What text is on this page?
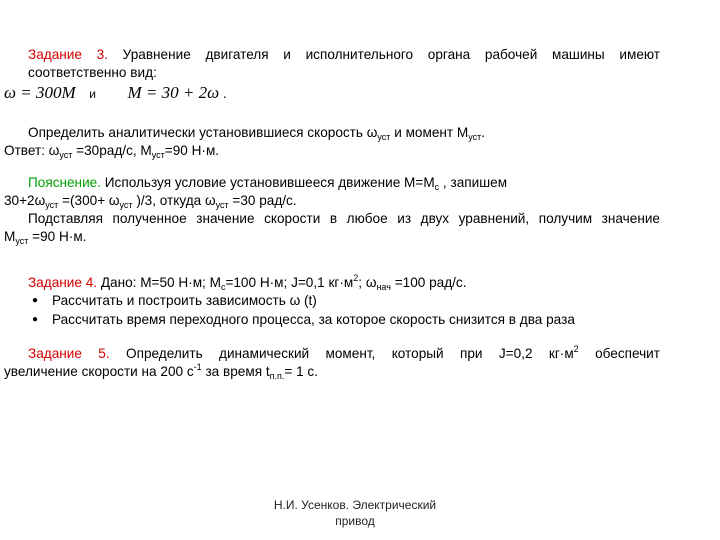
Задание 3. Уравнение двигателя и исполнительного органа рабочей машины имеют
соответственно вид:
ω = 300M и M = 30 + 2ω .
Определить аналитически установившиеся скорость $\omega_{уст}$ и момент $M_{уст}$.
Ответ: $\omega_{уст} =30рад/с$, $M_{уст}=90$ Н·м.
Пояснение. Используя условие установившееся движение $M=M_c$ , запишем
$30+2\omega_{уст} =(300+ \omega_{уст}$ )/3, откуда $\omega_{уст} =30$ рад/с.
Подставляя полученное значение скорости в любое из двух уравнений, получим значение
$M_{уст} =90$ Н·м.
Задание 4. Дано: M=50 Н·м; $M_c=100$ Н·м; J=0,1 $кг\cdot м^2$; $\omega_{нач} =100$ рад/с.
●	Рассчитать и построить зависимость ω (t)
●	Рассчитать время переходного процесса, за которое скорость снизится в два раза
Задание 5. Определить динамический момент, который при J=0,2 $кг\cdot м^2$ обеспечит
увеличение скорости на 200 $с^{-1}$ за время $t_{п.п.}= 1$ с.
Н.И. Усенков. Электрический
привод
